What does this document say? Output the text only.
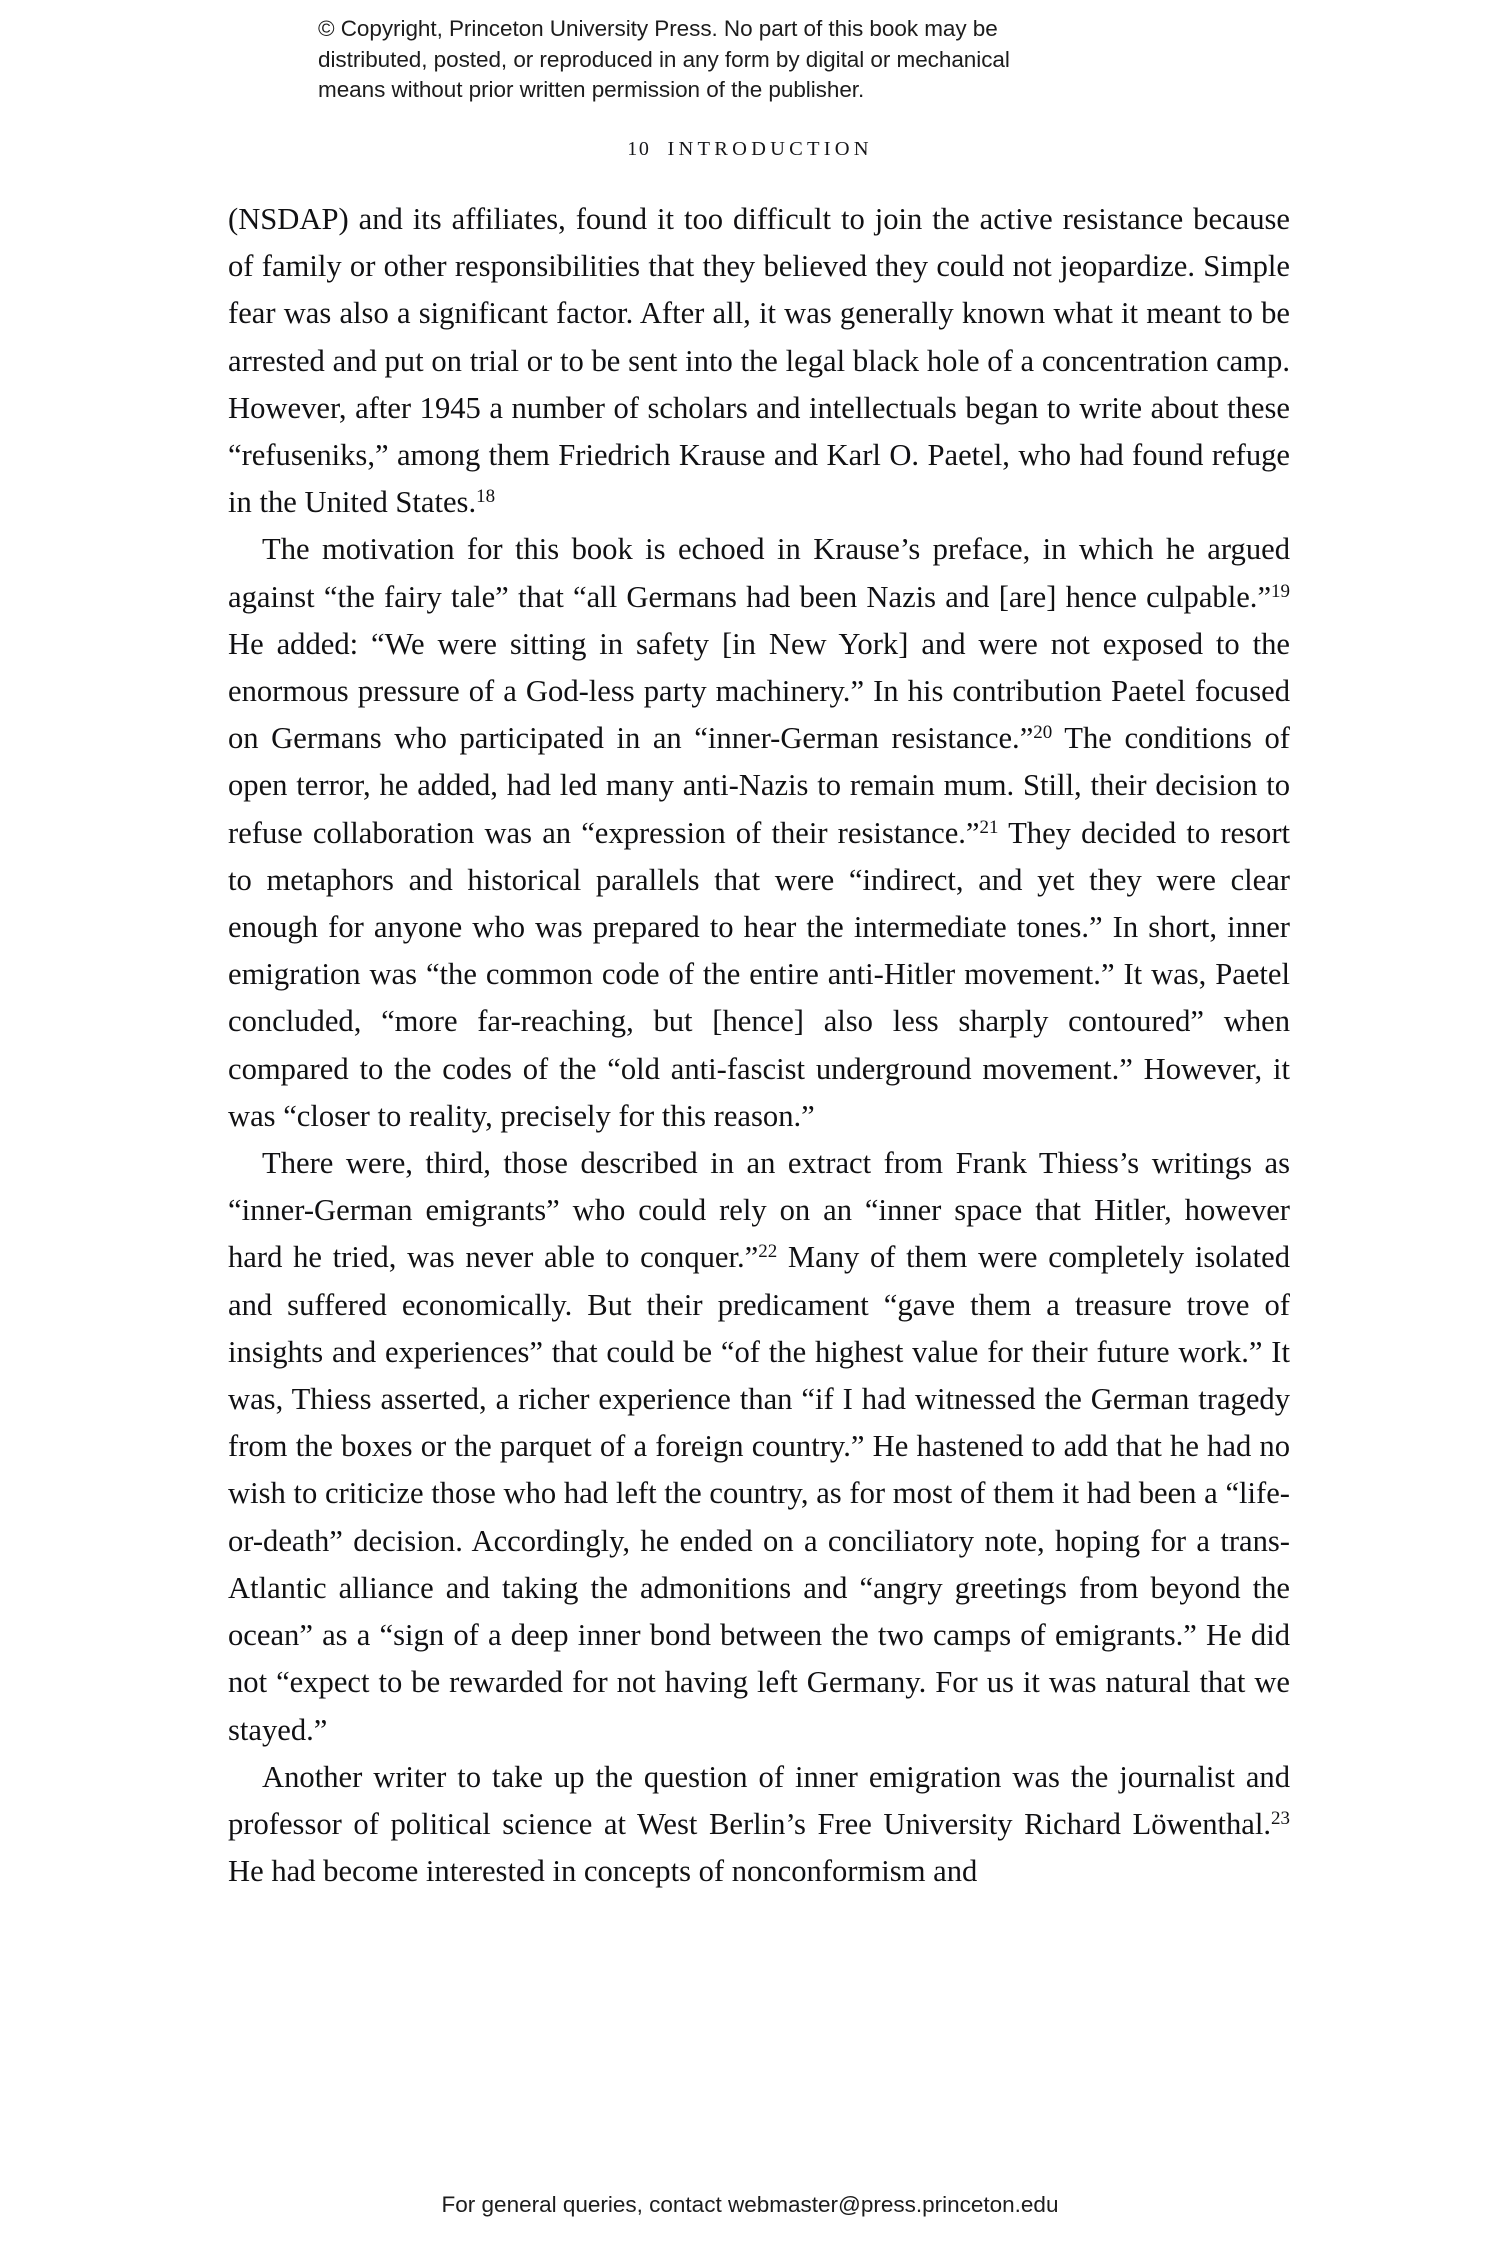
© Copyright, Princeton University Press. No part of this book may be
distributed, posted, or reproduced in any form by digital or mechanical
means without prior written permission of the publisher.
10 INTRODUCTION

(NSDAP) and its affiliates, found it too difficult to join the active resistance because of family or other responsibilities that they believed they could not jeopardize. Simple fear was also a significant factor. After all, it was generally known what it meant to be arrested and put on trial or to be sent into the legal black hole of a concentration camp. However, after 1945 a number of scholars and intellectuals began to write about these “refuseniks,” among them Friedrich Krause and Karl O. Paetel, who had found refuge in the United States.$^{18}$

The motivation for this book is echoed in Krause’s preface, in which he argued against “the fairy tale” that “all Germans had been Nazis and [are] hence culpable.”$^{19}$ He added: “We were sitting in safety [in New York] and were not exposed to the enormous pressure of a God-less party machinery.” In his contribution Paetel focused on Germans who participated in an “inner-German resistance.”$^{20}$ The conditions of open terror, he added, had led many anti-Nazis to remain mum. Still, their decision to refuse collaboration was an “expression of their resistance.”$^{21}$ They decided to resort to metaphors and historical parallels that were “indirect, and yet they were clear enough for anyone who was prepared to hear the intermediate tones.” In short, inner emigration was “the common code of the entire anti-Hitler movement.” It was, Paetel concluded, “more far-reaching, but [hence] also less sharply contoured” when compared to the codes of the “old anti-fascist underground movement.” However, it was “closer to reality, precisely for this reason.”

There were, third, those described in an extract from Frank Thiess’s writings as “inner-German emigrants” who could rely on an “inner space that Hitler, however hard he tried, was never able to conquer.”$^{22}$ Many of them were completely isolated and suffered economically. But their predicament “gave them a treasure trove of insights and experiences” that could be “of the highest value for their future work.” It was, Thiess asserted, a richer experience than “if I had witnessed the German tragedy from the boxes or the parquet of a foreign country.” He hastened to add that he had no wish to criticize those who had left the country, as for most of them it had been a “life-or-death” decision. Accordingly, he ended on a conciliatory note, hoping for a trans-Atlantic alliance and taking the admonitions and “angry greetings from beyond the ocean” as a “sign of a deep inner bond between the two camps of emigrants.” He did not “expect to be rewarded for not having left Germany. For us it was natural that we stayed.”

Another writer to take up the question of inner emigration was the journalist and professor of political science at West Berlin’s Free University Richard Löwenthal.$^{23}$ He had become interested in concepts of nonconformism and

For general queries, contact webmaster@press.princeton.edu
